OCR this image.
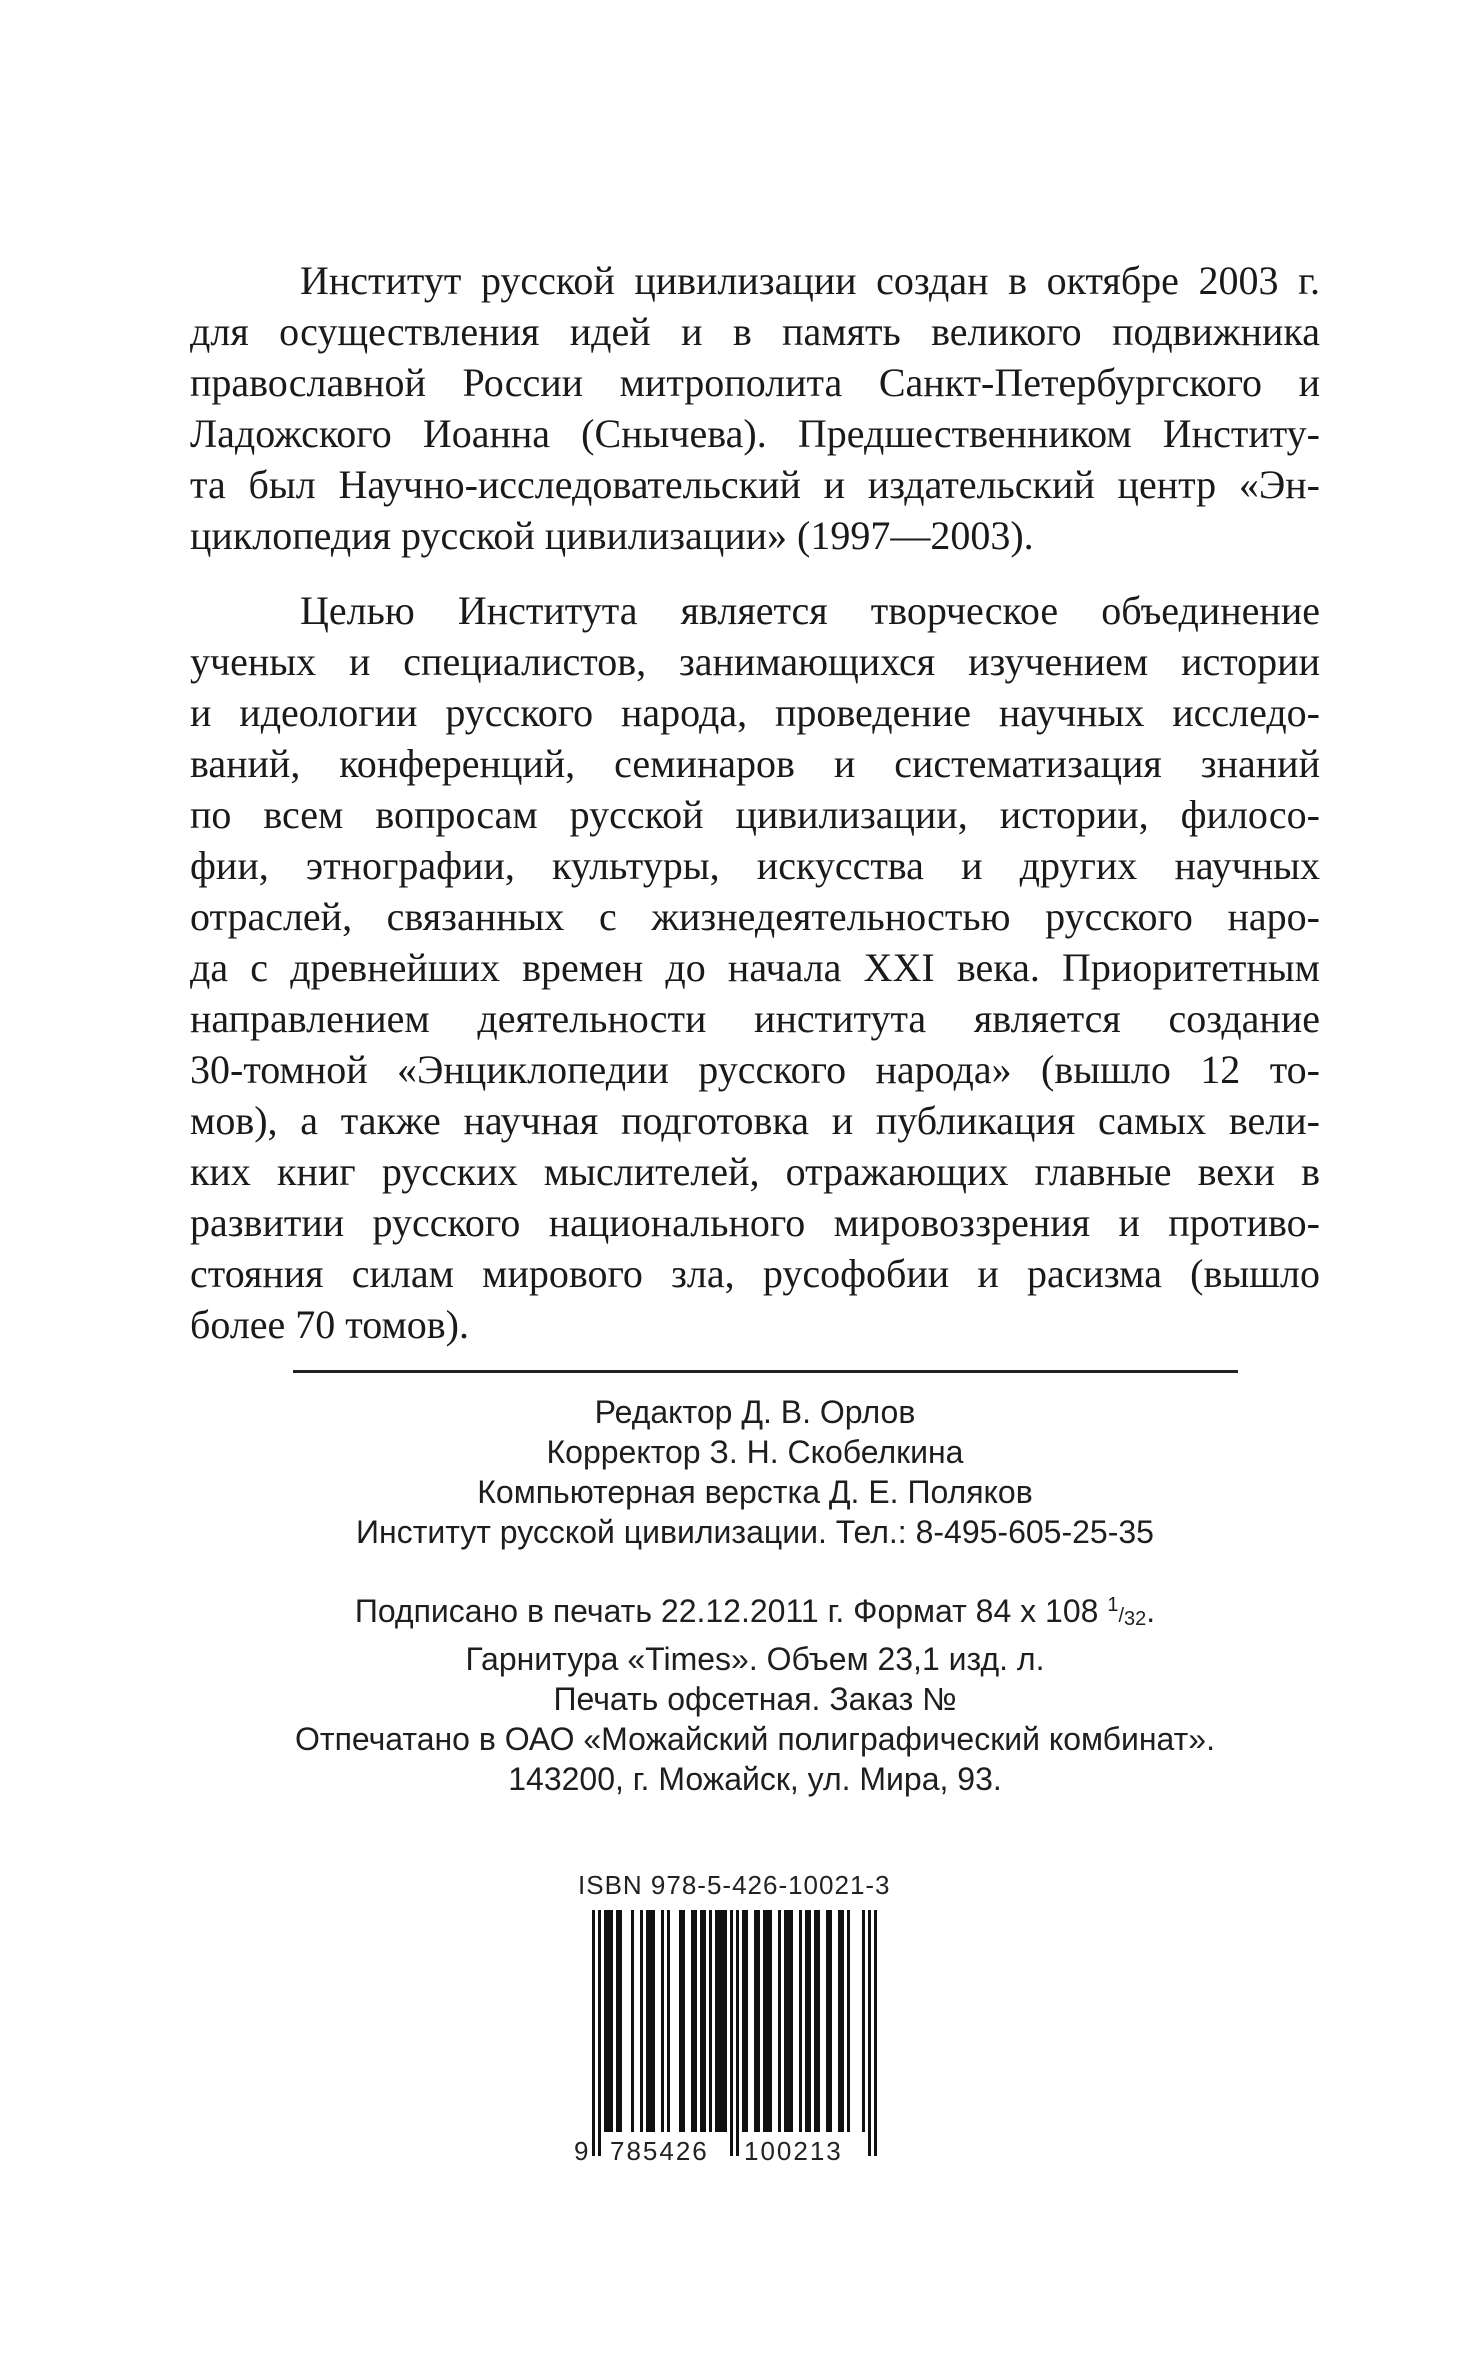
Институт русской цивилизации создан в октябре 2003 г.
для осуществления идей и в память великого подвижника
православной России митрополита Санкт-Петербургского и
Ладожского Иоанна (Снычева). Предшественником Институ-
та был Научно-исследовательский и издательский центр «Эн-
циклопедия русской цивилизации» (1997—2003).
Целью Института является творческое объединение
ученых и специалистов, занимающихся изучением истории
и идеологии русского народа, проведение научных исследо-
ваний, конференций, семинаров и систематизация знаний
по всем вопросам русской цивилизации, истории, филосо-
фии, этнографии, культуры, искусства и других научных
отраслей, связанных с жизнедеятельностью русского наро-
да с древнейших времен до начала XXI века. Приоритетным
направлением деятельности института является создание
30-томной «Энциклопедии русского народа» (вышло 12 то-
мов), а также научная подготовка и публикация самых вели-
ких книг русских мыслителей, отражающих главные вехи в
развитии русского национального мировоззрения и противо-
стояния силам мирового зла, русофобии и расизма (вышло
более 70 томов).
Редактор Д. В. Орлов
Корректор З. Н. Скобелкина
Компьютерная верстка Д. Е. Поляков
Институт русской цивилизации. Тел.: 8-495-605-25-35
Подписано в печать 22.12.2011 г. Формат 84 x 108 1/32.
Гарнитура «Times». Объем 23,1 изд. л.
Печать офсетная. Заказ №
Отпечатано в ОАО «Можайский полиграфический комбинат».
143200, г. Можайск, ул. Мира, 93.
ISBN 978-5-426-10021-3
9 785426 100213
